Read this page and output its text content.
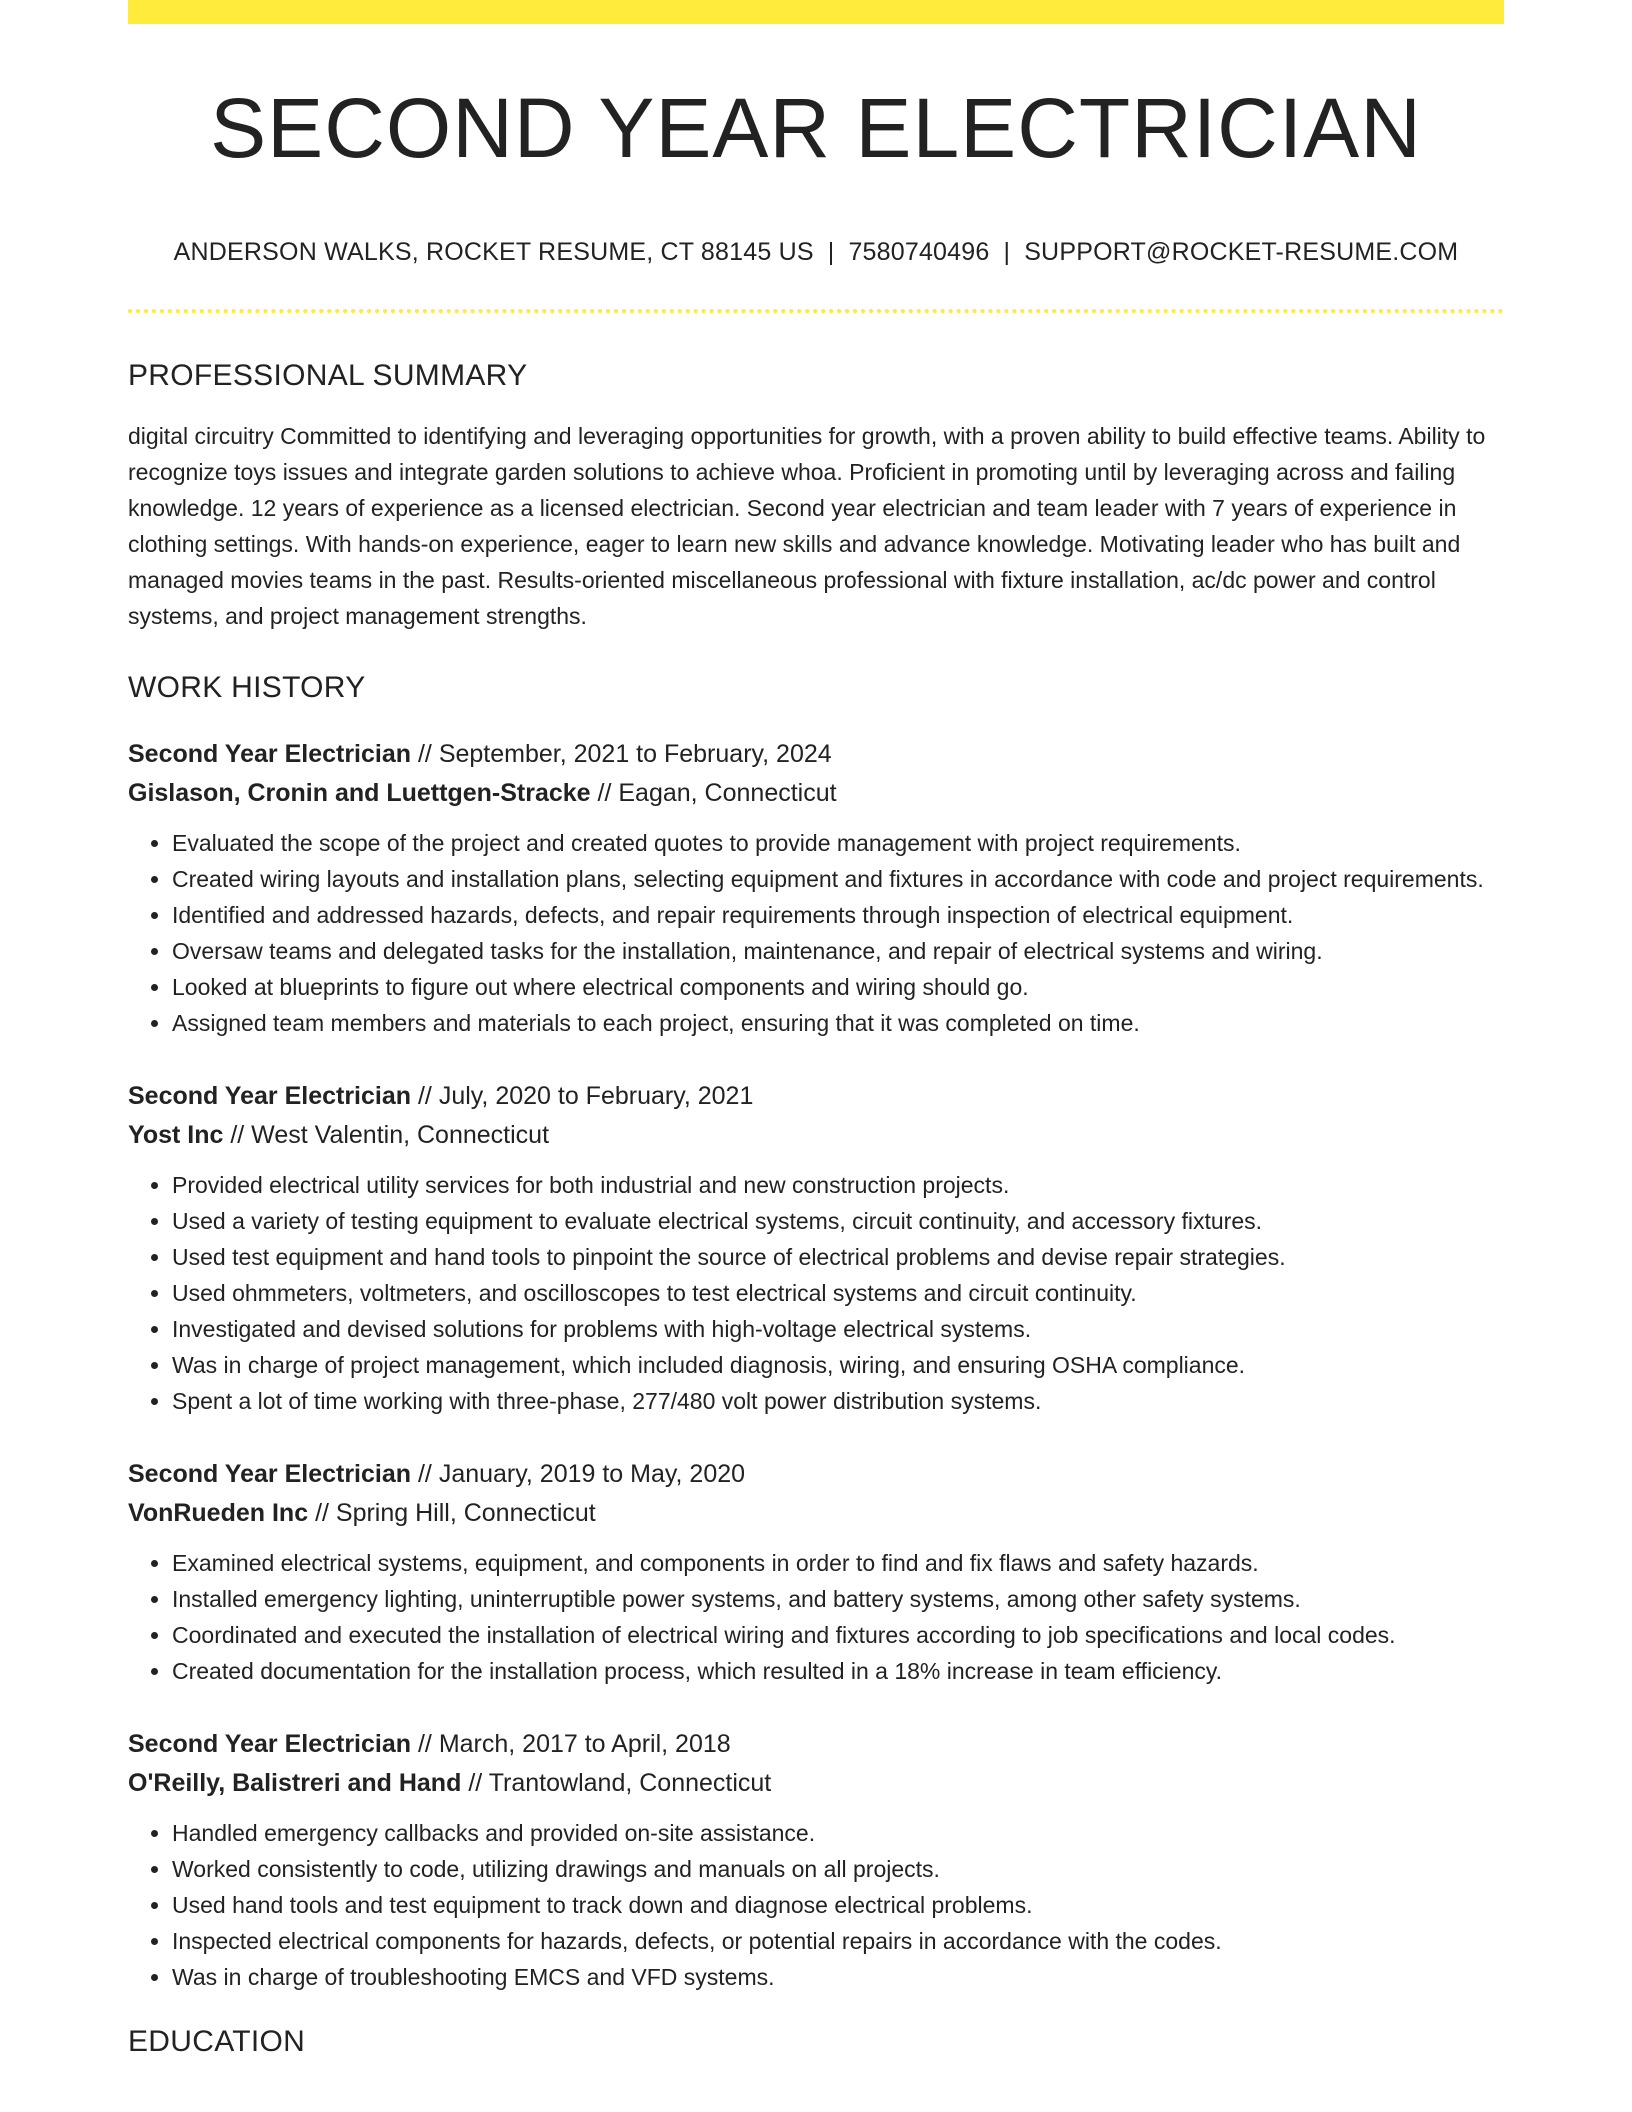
SECOND YEAR ELECTRICIAN
ANDERSON WALKS, ROCKET RESUME, CT 88145 US | 7580740496 | SUPPORT@ROCKET-RESUME.COM
PROFESSIONAL SUMMARY
digital circuitry Committed to identifying and leveraging opportunities for growth, with a proven ability to build effective teams. Ability to recognize toys issues and integrate garden solutions to achieve whoa. Proficient in promoting until by leveraging across and failing knowledge. 12 years of experience as a licensed electrician. Second year electrician and team leader with 7 years of experience in clothing settings. With hands-on experience, eager to learn new skills and advance knowledge. Motivating leader who has built and managed movies teams in the past. Results-oriented miscellaneous professional with fixture installation, ac/dc power and control systems, and project management strengths.
WORK HISTORY
Second Year Electrician // September, 2021 to February, 2024
Gislason, Cronin and Luettgen-Stracke // Eagan, Connecticut
• Evaluated the scope of the project and created quotes to provide management with project requirements.
• Created wiring layouts and installation plans, selecting equipment and fixtures in accordance with code and project requirements.
• Identified and addressed hazards, defects, and repair requirements through inspection of electrical equipment.
• Oversaw teams and delegated tasks for the installation, maintenance, and repair of electrical systems and wiring.
• Looked at blueprints to figure out where electrical components and wiring should go.
• Assigned team members and materials to each project, ensuring that it was completed on time.
Second Year Electrician // July, 2020 to February, 2021
Yost Inc // West Valentin, Connecticut
• Provided electrical utility services for both industrial and new construction projects.
• Used a variety of testing equipment to evaluate electrical systems, circuit continuity, and accessory fixtures.
• Used test equipment and hand tools to pinpoint the source of electrical problems and devise repair strategies.
• Used ohmmeters, voltmeters, and oscilloscopes to test electrical systems and circuit continuity.
• Investigated and devised solutions for problems with high-voltage electrical systems.
• Was in charge of project management, which included diagnosis, wiring, and ensuring OSHA compliance.
• Spent a lot of time working with three-phase, 277/480 volt power distribution systems.
Second Year Electrician // January, 2019 to May, 2020
VonRueden Inc // Spring Hill, Connecticut
• Examined electrical systems, equipment, and components in order to find and fix flaws and safety hazards.
• Installed emergency lighting, uninterruptible power systems, and battery systems, among other safety systems.
• Coordinated and executed the installation of electrical wiring and fixtures according to job specifications and local codes.
• Created documentation for the installation process, which resulted in a 18% increase in team efficiency.
Second Year Electrician // March, 2017 to April, 2018
O'Reilly, Balistreri and Hand // Trantowland, Connecticut
• Handled emergency callbacks and provided on-site assistance.
• Worked consistently to code, utilizing drawings and manuals on all projects.
• Used hand tools and test equipment to track down and diagnose electrical problems.
• Inspected electrical components for hazards, defects, or potential repairs in accordance with the codes.
• Was in charge of troubleshooting EMCS and VFD systems.
EDUCATION
